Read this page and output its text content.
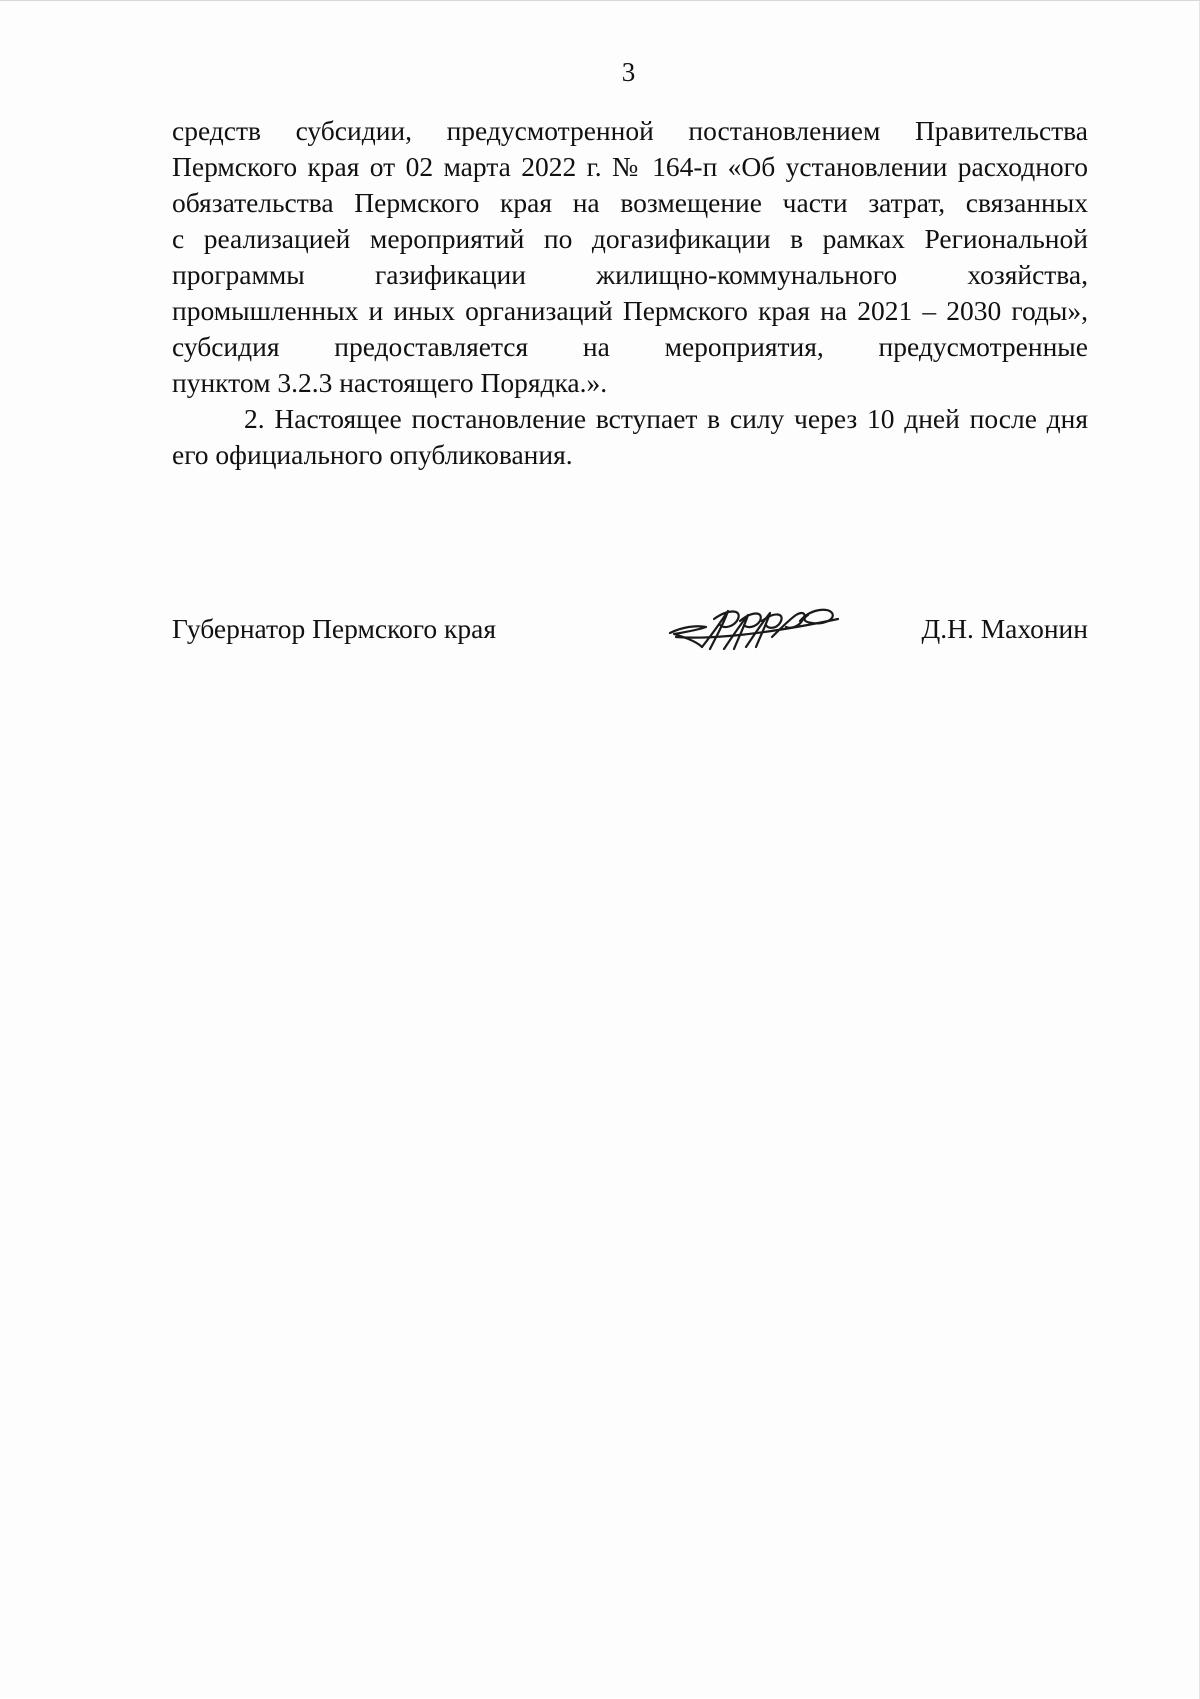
3

средств субсидии, предусмотренной постановлением Правительства
Пермского края от 02 марта 2022 г. № 164-п «Об установлении расходного
обязательства Пермского края на возмещение части затрат, связанных
с реализацией мероприятий по догазификации в рамках Региональной
программы газификации жилищно-коммунального хозяйства,
промышленных и иных организаций Пермского края на 2021 – 2030 годы»,
субсидия предоставляется на мероприятия, предусмотренные
пунктом 3.2.3 настоящего Порядка.».

2. Настоящее постановление вступает в силу через 10 дней после дня
его официального опубликования.

Губернатор Пермского края	Д.Н. Махонин
